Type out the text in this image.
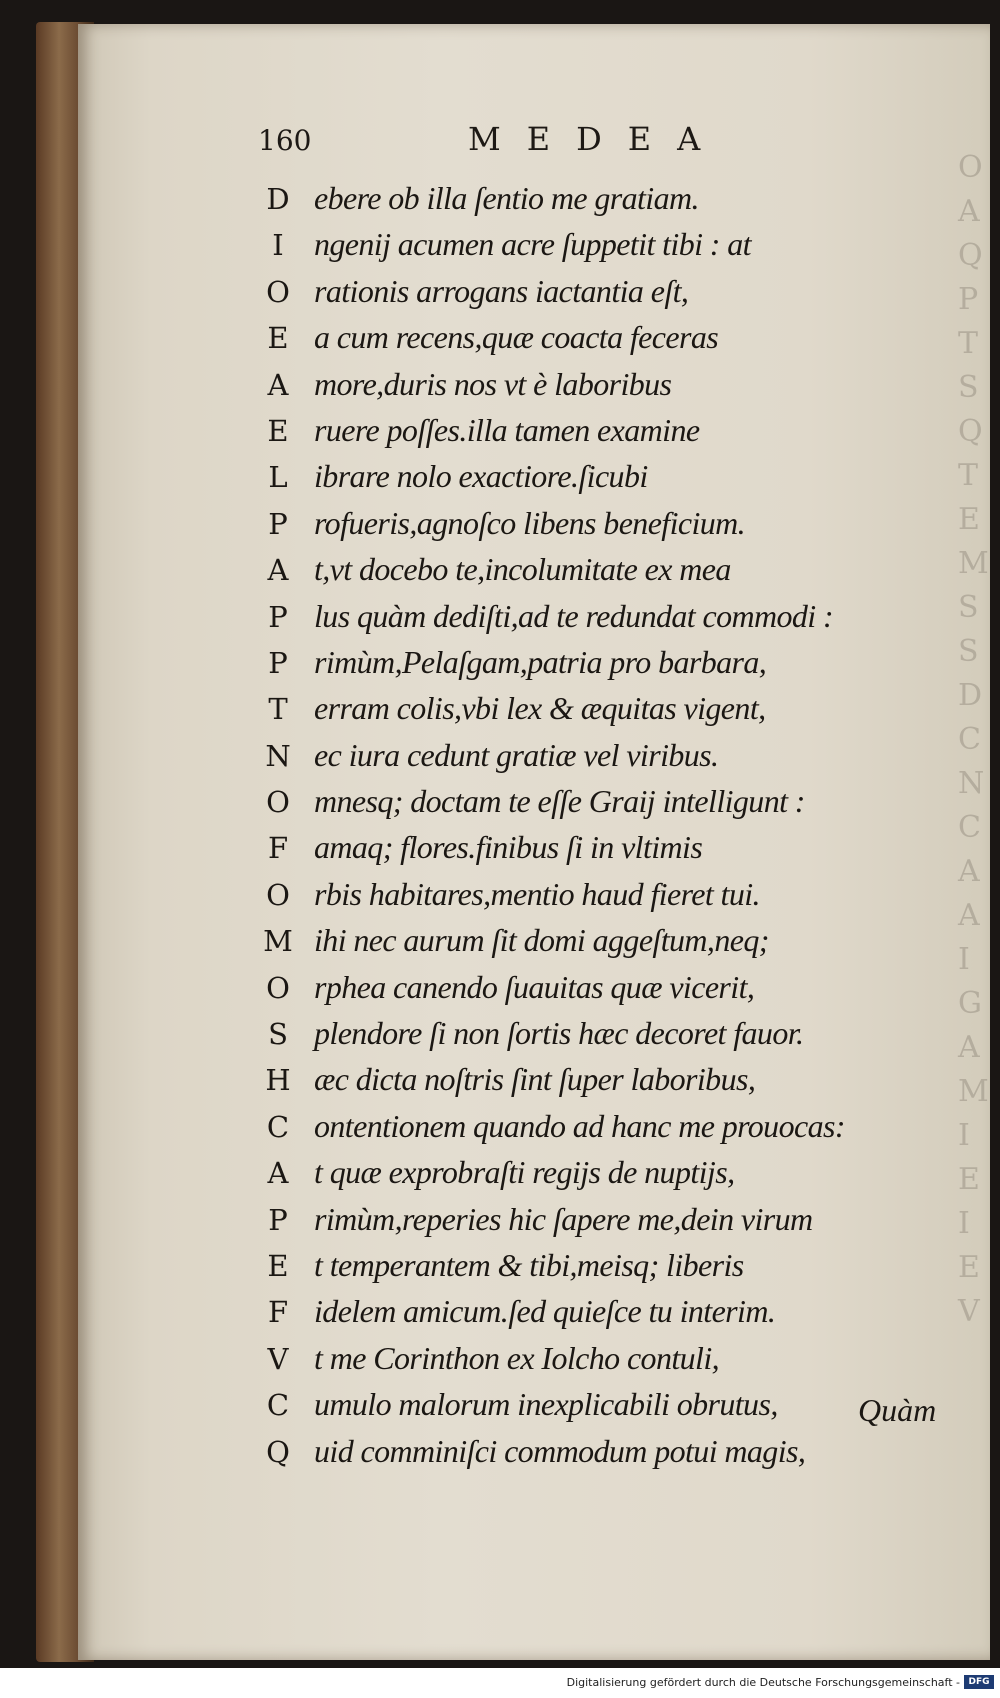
O
A
Q
P
T
S
Q
T
E
M
S
S
D
C
N
C
A
A
I
G
A
M
I
E
I
E
V
160	MEDEA
D ebere ob illa ſentio me gratiam.
I ngenij acumen acre ſuppetit tibi : at
O rationis arrogans iactantia eſt,
E a cum recens,quæ coacta feceras
A more,duris nos vt è laboribus
E ruere poſſes.illa tamen examine
L ibrare nolo exactiore.ſicubi
P rofueris,agnoſco libens beneficium.
A t,vt docebo te,incolumitate ex mea
P lus quàm dediſti,ad te redundat commodi :
P rimùm,Pelaſgam,patria pro barbara,
T erram colis,vbi lex & æquitas vigent,
N ec iura cedunt gratiæ vel viribus.
O mnesq; doctam te eſſe Graij intelligunt :
F amaq; flores.finibus ſi in vltimis
O rbis habitares,mentio haud fieret tui.
M ihi nec aurum ſit domi aggeſtum,neq;
O rphea canendo ſuauitas quæ vicerit,
S plendore ſi non ſortis hæc decoret fauor.
H æc dicta noſtris ſint ſuper laboribus,
C ontentionem quando ad hanc me prouocas:
A t quæ exprobraſti regijs de nuptijs,
P rimùm,reperies hic ſapere me,dein virum
E t temperantem & tibi,meisq; liberis
F idelem amicum.ſed quieſce tu interim.
V t me Corinthon ex Iolcho contuli,
C umulo malorum inexplicabili obrutus,
Q uid comminiſci commodum potui magis,
Quàm
Digitalisierung gefördert durch die Deutsche Forschungsgemeinschaft - DFG
